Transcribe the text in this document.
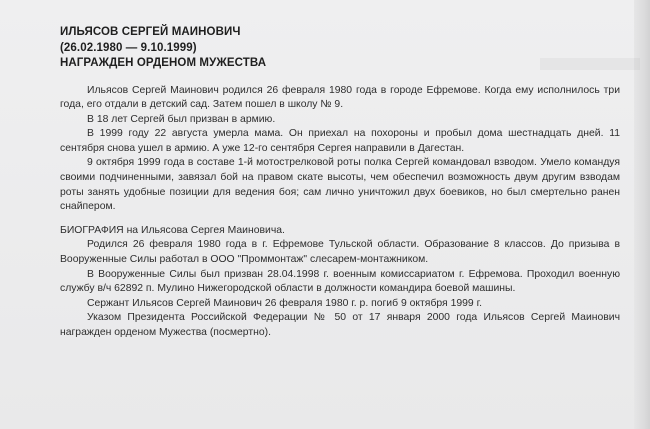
ИЛЬЯСОВ СЕРГЕЙ МАИНОВИЧ
(26.02.1980 — 9.10.1999)
НАГРАЖДЕН ОРДЕНОМ МУЖЕСТВА

Ильясов Сергей Маинович родился 26 февраля 1980 года в городе Ефремове. Когда ему исполнилось три года, его отдали в детский сад. Затем пошел в школу № 9.

В 18 лет Сергей был призван в армию.

В 1999 году 22 августа умерла мама. Он приехал на похороны и пробыл дома шестнадцать дней. 11 сентября снова ушел в армию. А уже 12-го сентября Сергея направили в Дагестан.

9 октября 1999 года в составе 1-й мотострелковой роты полка Сергей командовал взводом. Умело командуя своими подчиненными, завязал бой на правом скате высоты, чем обеспечил возможность двум другим взводам роты занять удобные позиции для ведения боя; сам лично уничтожил двух боевиков, но был смертельно ранен снайпером.

БИОГРАФИЯ на Ильясова Сергея Маиновича.

Родился 26 февраля 1980 года в г. Ефремове Тульской области. Образование 8 классов. До призыва в Вооруженные Силы работал в ООО "Проммонтаж" слесарем-монтажником.

В Вооруженные Силы был призван 28.04.1998 г. военным комиссариатом г. Ефремова. Проходил военную службу в/ч 62892 п. Мулино Нижегородской области в должности командира боевой машины.

Сержант Ильясов Сергей Маинович 26 февраля 1980 г. р. погиб 9 октября 1999 г.

Указом Президента Российской Федерации № 50 от 17 января 2000 года Ильясов Сергей Маинович награжден орденом Мужества (посмертно).
